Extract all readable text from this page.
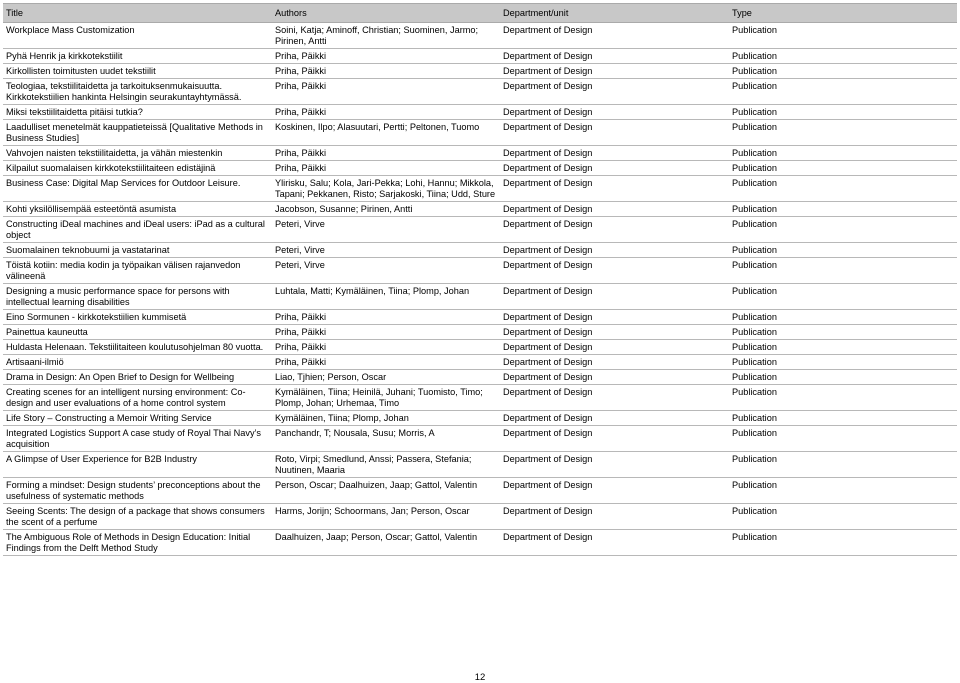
Title	Authors	Department/unit	Type
Workplace Mass Customization	Soini, Katja; Aminoff, Christian; Suominen, Jarmo; Pirinen, Antti	Department of Design	Publication
Pyhä Henrik ja kirkkotekstiilit	Priha, Päikki	Department of Design	Publication
Kirkollisten toimitusten uudet tekstiilit	Priha, Päikki	Department of Design	Publication
Teologiaa, tekstiilitaidetta ja tarkoituksenmukaisuutta. Kirkkotekstiilien hankinta Helsingin seurakuntayhtymässä.	Priha, Päikki	Department of Design	Publication
Miksi tekstiilitaidetta pitäisi tutkia?	Priha, Päikki	Department of Design	Publication
Laadulliset menetelmät kauppatieteissä [Qualitative Methods in Business Studies]	Koskinen, Ilpo; Alasuutari, Pertti; Peltonen, Tuomo	Department of Design	Publication
Vahvojen naisten tekstiilitaidetta, ja vähän miestenkin	Priha, Päikki	Department of Design	Publication
Kilpailut suomalaisen kirkkotekstiilitaiteen edistäjinä	Priha, Päikki	Department of Design	Publication
Business Case: Digital Map Services for Outdoor Leisure.	Ylirisku, Salu; Kola, Jari-Pekka; Lohi, Hannu; Mikkola, Tapani; Pekkanen, Risto; Sarjakoski, Tiina; Udd, Sture	Department of Design	Publication
Kohti yksilöllisempää esteetöntä asumista	Jacobson, Susanne; Pirinen, Antti	Department of Design	Publication
Constructing iDeal machines and iDeal users: iPad as a cultural object	Peteri, Virve	Department of Design	Publication
Suomalainen teknobuumi ja vastatarinat	Peteri, Virve	Department of Design	Publication
Töistä kotiin: media kodin ja työpaikan välisen rajanvedon välineenä	Peteri, Virve	Department of Design	Publication
Designing a music performance space for persons with intellectual learning disabilities	Luhtala, Matti; Kymäläinen, Tiina; Plomp, Johan	Department of Design	Publication
Eino Sormunen - kirkkotekstiilien kummisetä	Priha, Päikki	Department of Design	Publication
Painettua kauneutta	Priha, Päikki	Department of Design	Publication
Huldasta Helenaan. Tekstiilitaiteen koulutusohjelman 80 vuotta.	Priha, Päikki	Department of Design	Publication
Artisaani-ilmiö	Priha, Päikki	Department of Design	Publication
Drama in Design: An Open Brief to Design for Wellbeing	Liao, Tjhien; Person, Oscar	Department of Design	Publication
Creating scenes for an intelligent nursing environment: Co-design and user evaluations of a home control system	Kymäläinen, Tiina; Heinilä, Juhani; Tuomisto, Timo; Plomp, Johan; Urhemaa, Timo	Department of Design	Publication
Life Story – Constructing a Memoir Writing Service	Kymäläinen, Tiina; Plomp, Johan	Department of Design	Publication
Integrated Logistics Support A case study of Royal Thai Navy’s acquisition	Panchandr, T; Nousala, Susu; Morris, A	Department of Design	Publication
A Glimpse of User Experience for B2B Industry	Roto, Virpi; Smedlund, Anssi; Passera, Stefania; Nuutinen, Maaria	Department of Design	Publication
Forming a mindset: Design students’ preconceptions about the usefulness of systematic methods	Person, Oscar; Daalhuizen, Jaap; Gattol, Valentin	Department of Design	Publication
Seeing Scents: The design of a package that shows consumers the scent of a perfume	Harms, Jorijn; Schoormans, Jan; Person, Oscar	Department of Design	Publication
The Ambiguous Role of Methods in Design Education: Initial Findings from the Delft Method Study	Daalhuizen, Jaap; Person, Oscar; Gattol, Valentin	Department of Design	Publication
12
